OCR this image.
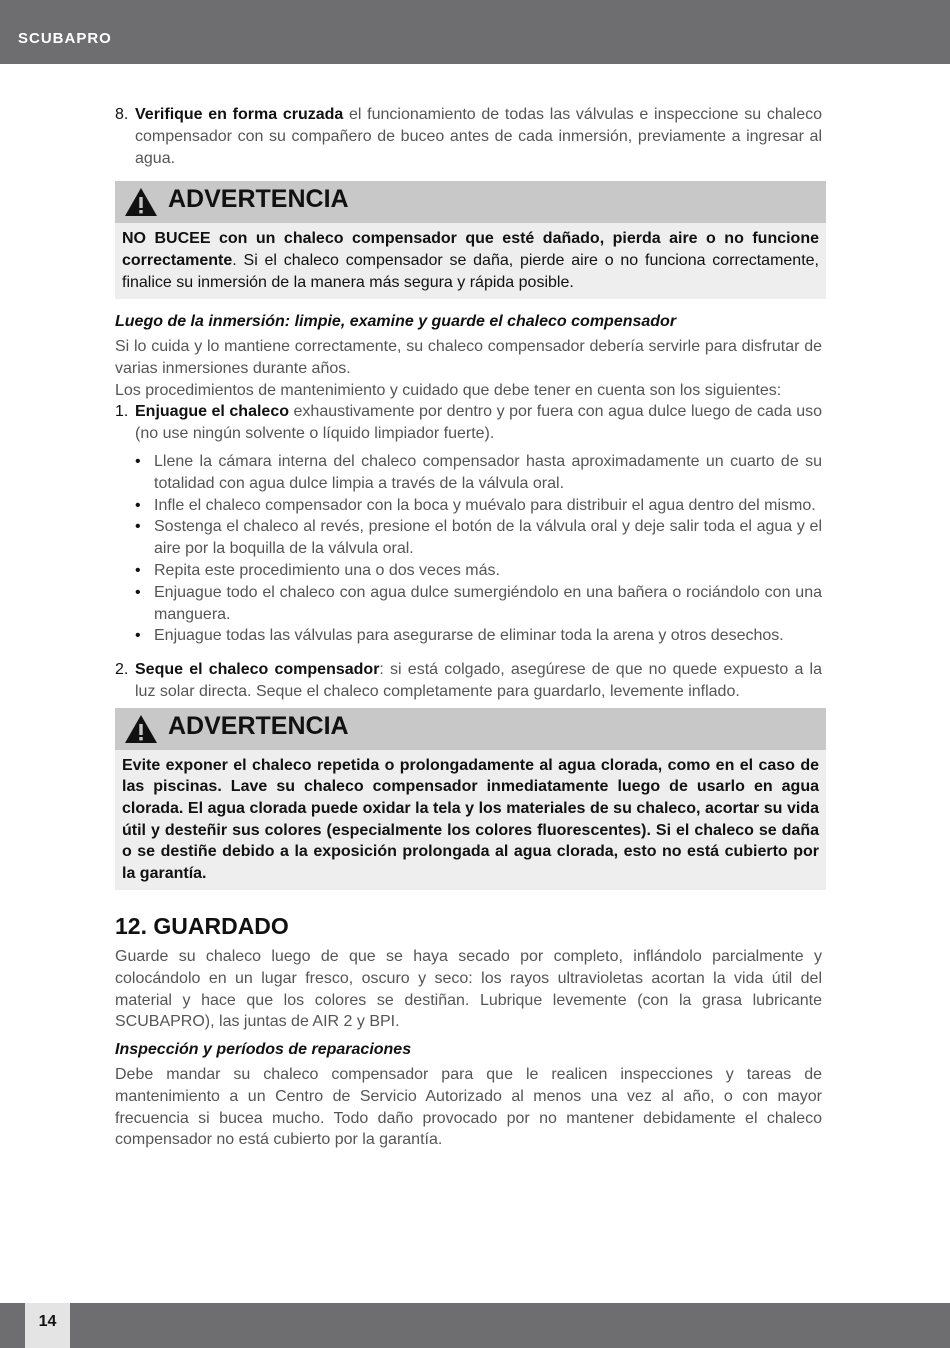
SCUBAPRO
8. Verifique en forma cruzada el funcionamiento de todas las válvulas e inspeccione su chaleco compensador con su compañero de buceo antes de cada inmersión, previamente a ingresar al agua.
ADVERTENCIA
NO BUCEE con un chaleco compensador que esté dañado, pierda aire o no funcione correctamente. Si el chaleco compensador se daña, pierde aire o no funciona correctamente, finalice su inmersión de la manera más segura y rápida posible.

Luego de la inmersión: limpie, examine y guarde el chaleco compensador

Si lo cuida y lo mantiene correctamente, su chaleco compensador debería servirle para disfrutar de varias inmersiones durante años.

Los procedimientos de mantenimiento y cuidado que debe tener en cuenta son los siguientes:

1. Enjuague el chaleco exhaustivamente por dentro y por fuera con agua dulce luego de cada uso (no use ningún solvente o líquido limpiador fuerte).
• Llene la cámara interna del chaleco compensador hasta aproximadamente un cuarto de su totalidad con agua dulce limpia a través de la válvula oral.
• Infle el chaleco compensador con la boca y muévalo para distribuir el agua dentro del mismo.
• Sostenga el chaleco al revés, presione el botón de la válvula oral y deje salir toda el agua y el aire por la boquilla de la válvula oral.
• Repita este procedimiento una o dos veces más.
• Enjuague todo el chaleco con agua dulce sumergiéndolo en una bañera o rociándolo con una manguera.
• Enjuague todas las válvulas para asegurarse de eliminar toda la arena y otros desechos.
2. Seque el chaleco compensador: si está colgado, asegúrese de que no quede expuesto a la luz solar directa. Seque el chaleco completamente para guardarlo, levemente inflado.
ADVERTENCIA
Evite exponer el chaleco repetida o prolongadamente al agua clorada, como en el caso de las piscinas. Lave su chaleco compensador inmediatamente luego de usarlo en agua clorada. El agua clorada puede oxidar la tela y los materiales de su chaleco, acortar su vida útil y desteñir sus colores (especialmente los colores fluorescentes). Si el chaleco se daña o se destiñe debido a la exposición prolongada al agua clorada, esto no está cubierto por la garantía.
12. GUARDADO

Guarde su chaleco luego de que se haya secado por completo, inflándolo parcialmente y colocándolo en un lugar fresco, oscuro y seco: los rayos ultravioletas acortan la vida útil del material y hace que los colores se destiñan. Lubrique levemente (con la grasa lubricante SCUBAPRO), las juntas de AIR 2 y BPI.

Inspección y períodos de reparaciones

Debe mandar su chaleco compensador para que le realicen inspecciones y tareas de mantenimiento a un Centro de Servicio Autorizado al menos una vez al año, o con mayor frecuencia si bucea mucho. Todo daño provocado por no mantener debidamente el chaleco compensador no está cubierto por la garantía.

14
